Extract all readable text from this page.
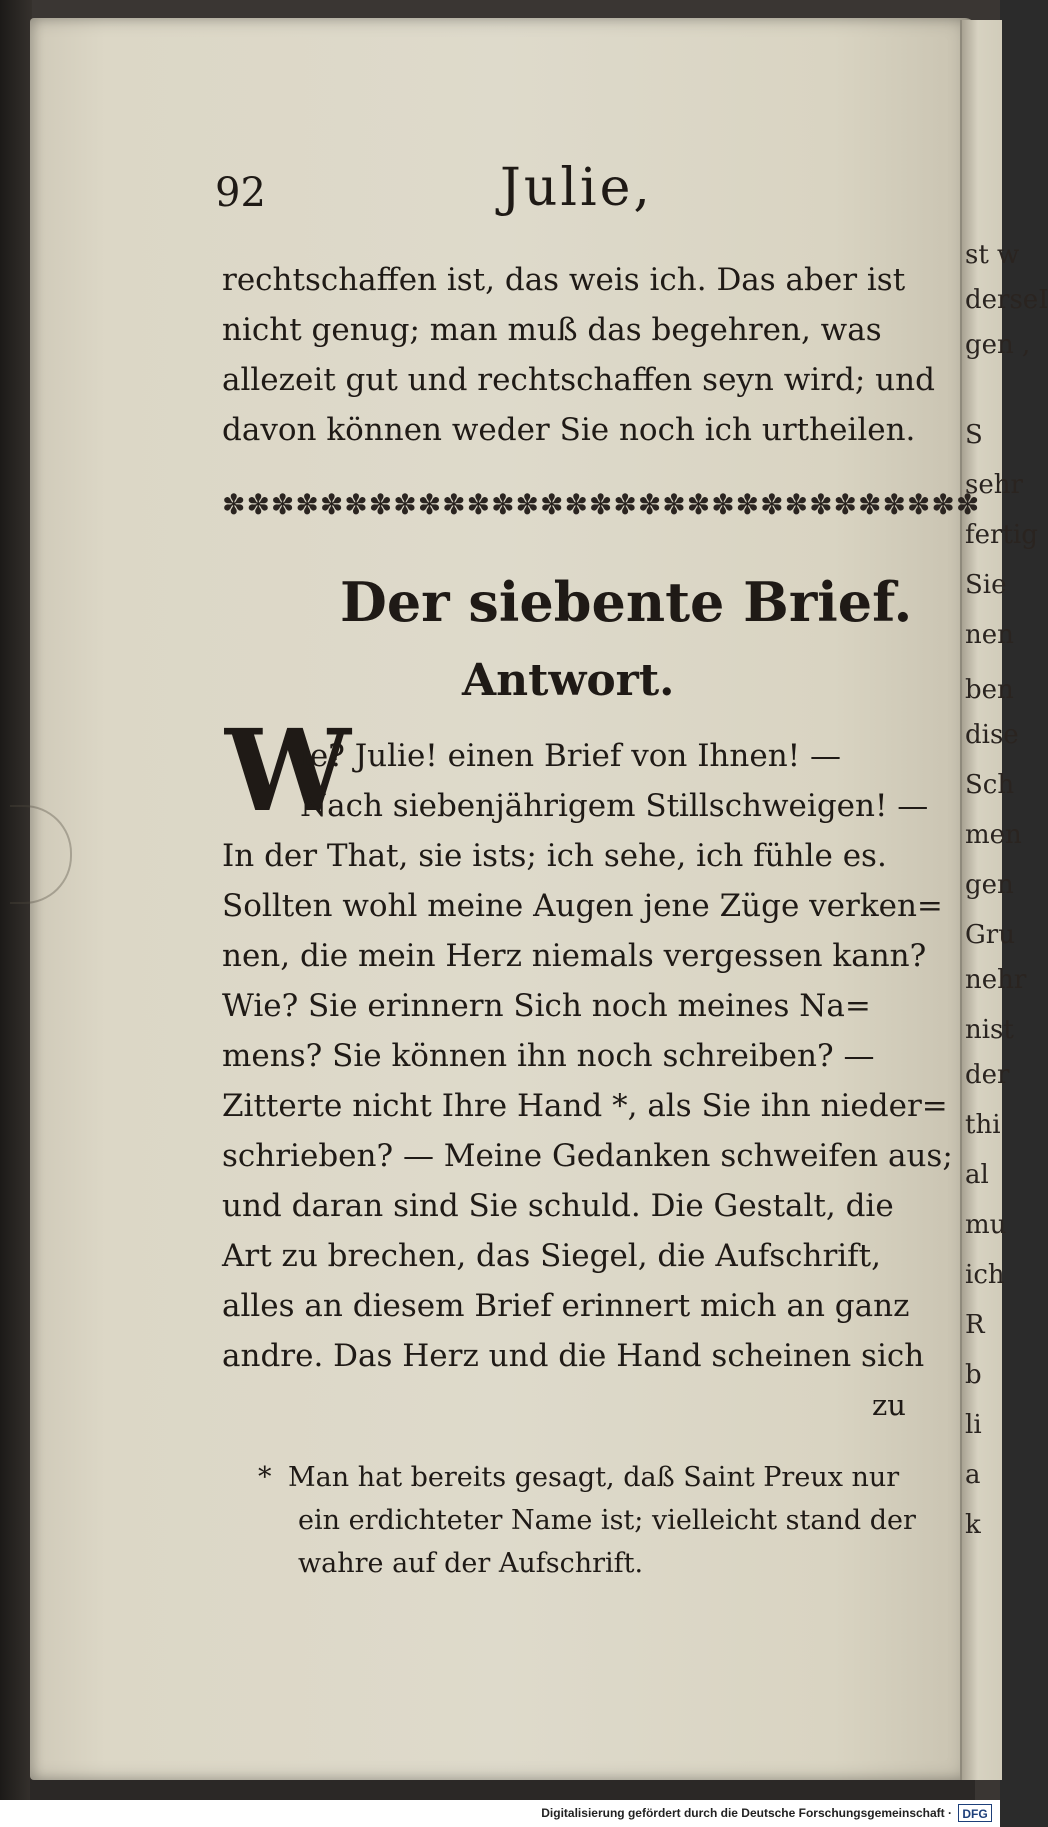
st w
derseI
gen ,
S
sehr
fertig
Sie
nen
ben
dise
Sch
men
gen
Gru
nehr
nist
der
thi
al
mu
ich
R
b
li
a
k
92	Julie,
rechtschaffen ist, das weis ich. Das aber ist
nicht genug; man muß das begehren, was
allezeit gut und rechtschaffen seyn wird; und
davon können weder Sie noch ich urtheilen.
✽✽✽✽✽✽✽✽✽✽✽✽✽✽✽✽✽✽✽✽✽✽✽✽✽✽✽✽✽✽✽
Der siebente Brief.
Antwort.
W
ie? Julie! einen Brief von Ihnen! —
Nach siebenjährigem Stillschweigen! —
In der That, sie ists; ich sehe, ich fühle es.
Sollten wohl meine Augen jene Züge verken=
nen, die mein Herz niemals vergessen kann?
Wie? Sie erinnern Sich noch meines Na=
mens? Sie können ihn noch schreiben? —
Zitterte nicht Ihre Hand *, als Sie ihn nieder=
schrieben? — Meine Gedanken schweifen aus;
und daran sind Sie schuld. Die Gestalt, die
Art zu brechen, das Siegel, die Aufschrift,
alles an diesem Brief erinnert mich an ganz
andre. Das Herz und die Hand scheinen sich
zu
* Man hat bereits gesagt, daß Saint Preux nur
ein erdichteter Name ist; vielleicht stand der
wahre auf der Aufschrift.
Digitalisierung gefördert durch die Deutsche Forschungsgemeinschaft · DFG
